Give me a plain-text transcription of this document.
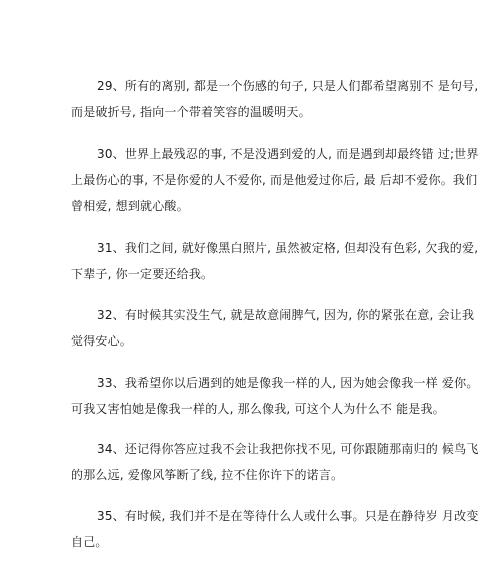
29、所有的离别, 都是一个伤感的句子, 只是人们都希望离别不 是句号,
而是破折号, 指向一个带着笑容的温暖明天。
30、世界上最残忍的事, 不是没遇到爱的人, 而是遇到却最终错 过;世界
上最伤心的事, 不是你爱的人不爱你, 而是他爱过你后, 最 后却不爱你。我们
曾相爱, 想到就心酸。
31、我们之间, 就好像黑白照片, 虽然被定格, 但却没有色彩, 欠我的爱,
下辈子, 你一定要还给我。
32、有时候其实没生气, 就是故意闹脾气, 因为, 你的紧张在意, 会让我
觉得安心。
33、我希望你以后遇到的她是像我一样的人, 因为她会像我一样 爱你。
可我又害怕她是像我一样的人, 那么像我, 可这个人为什么不 能是我。
34、还记得你答应过我不会让我把你找不见, 可你跟随那南归的 候鸟飞
的那么远, 爱像风筝断了线, 拉不住你许下的诺言。
35、有时候, 我们并不是在等待什么人或什么事。只是在静待岁 月改变
自己。
